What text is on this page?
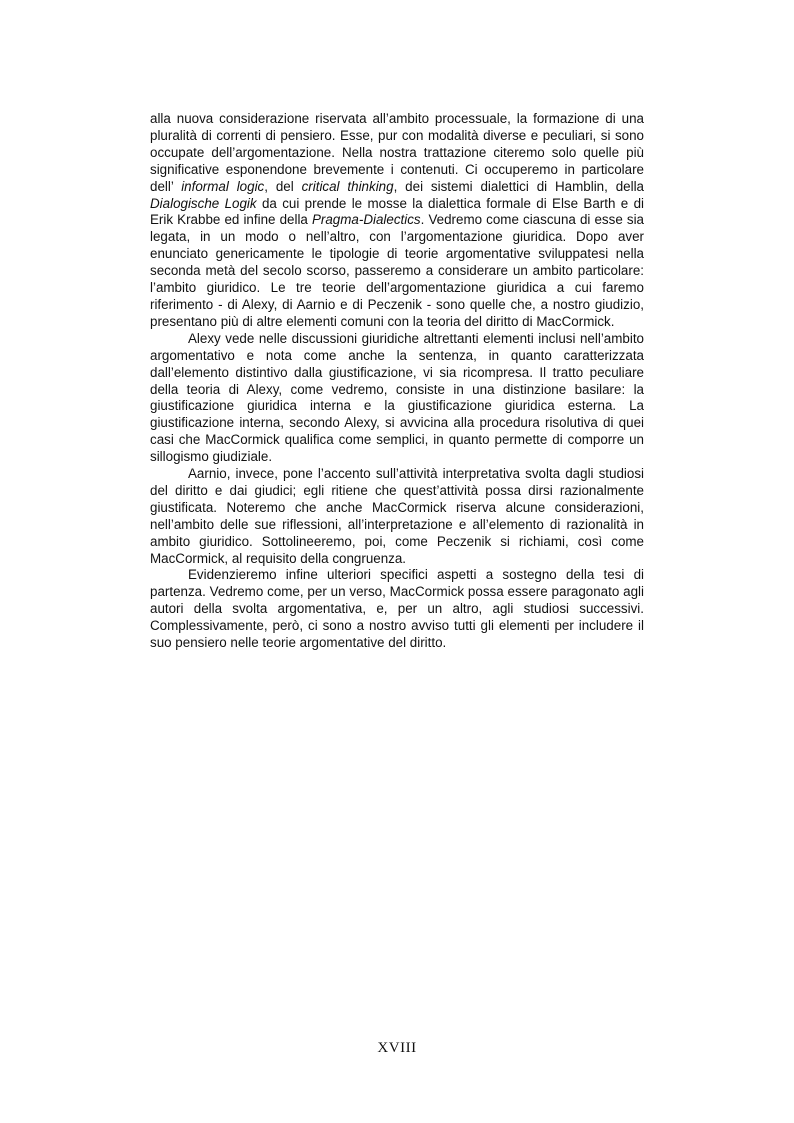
alla nuova considerazione riservata all’ambito processuale, la formazione di una pluralità di correnti di pensiero. Esse, pur con modalità diverse e peculiari, si sono occupate dell’argomentazione. Nella nostra trattazione citeremo solo quelle più significative esponendone brevemente i contenuti. Ci occuperemo in particolare dell’ informal logic, del critical thinking, dei sistemi dialettici di Hamblin, della Dialogische Logik da cui prende le mosse la dialettica formale di Else Barth e di Erik Krabbe ed infine della Pragma-Dialectics. Vedremo come ciascuna di esse sia legata, in un modo o nell’altro, con l’argomentazione giuridica. Dopo aver enunciato genericamente le tipologie di teorie argomentative sviluppatesi nella seconda metà del secolo scorso, passeremo a considerare un ambito particolare: l’ambito giuridico. Le tre teorie dell’argomentazione giuridica a cui faremo riferimento - di Alexy, di Aarnio e di Peczenik - sono quelle che, a nostro giudizio, presentano più di altre elementi comuni con la teoria del diritto di MacCormick.

Alexy vede nelle discussioni giuridiche altrettanti elementi inclusi nell’ambito argomentativo e nota come anche la sentenza, in quanto caratterizzata dall’elemento distintivo dalla giustificazione, vi sia ricompresa. Il tratto peculiare della teoria di Alexy, come vedremo, consiste in una distinzione basilare: la giustificazione giuridica interna e la giustificazione giuridica esterna. La giustificazione interna, secondo Alexy, si avvicina alla procedura risolutiva di quei casi che MacCormick qualifica come semplici, in quanto permette di comporre un sillogismo giudiziale.

Aarnio, invece, pone l’accento sull’attività interpretativa svolta dagli studiosi del diritto e dai giudici; egli ritiene che quest’attività possa dirsi razionalmente giustificata. Noteremo che anche MacCormick riserva alcune considerazioni, nell’ambito delle sue riflessioni, all’interpretazione e all’elemento di razionalità in ambito giuridico. Sottolineeremo, poi, come Peczenik si richiami, così come MacCormick, al requisito della congruenza.

Evidenzieremo infine ulteriori specifici aspetti a sostegno della tesi di partenza. Vedremo come, per un verso, MacCormick possa essere paragonato agli autori della svolta argomentativa, e, per un altro, agli studiosi successivi. Complessivamente, però, ci sono a nostro avviso tutti gli elementi per includere il suo pensiero nelle teorie argomentative del diritto.

XVIII
